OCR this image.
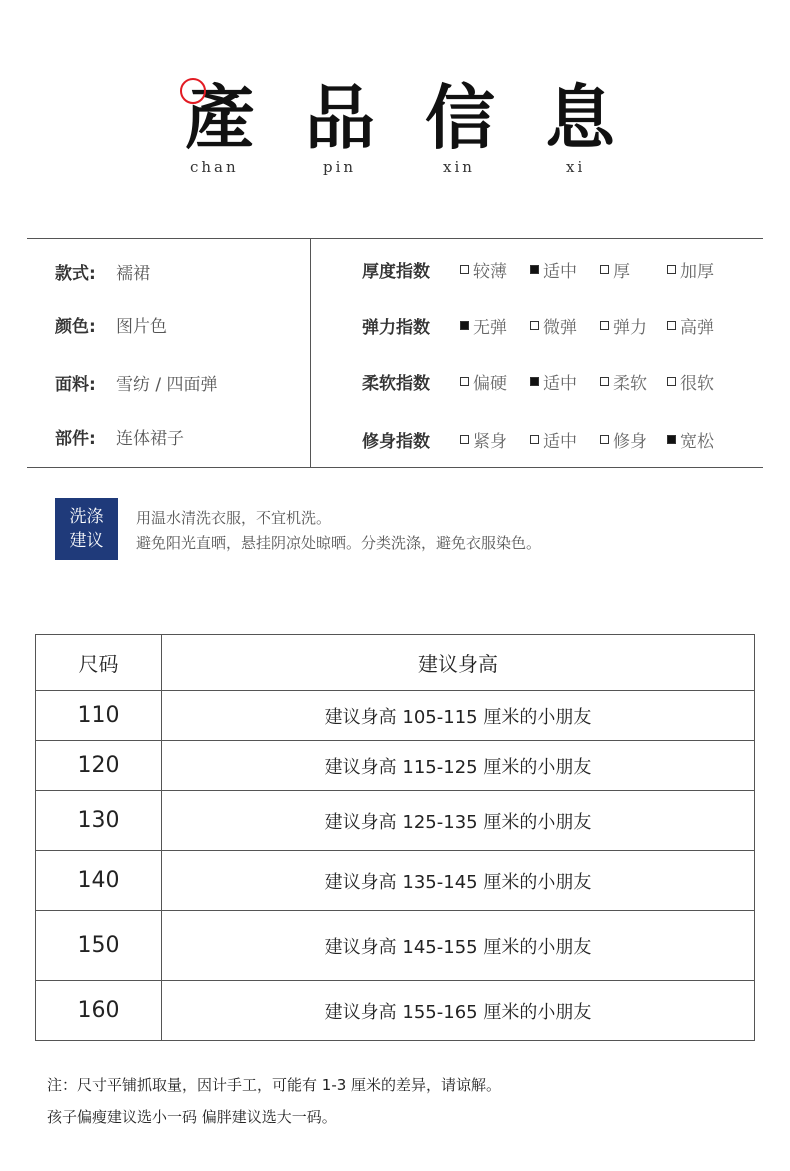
產 品 信 息
chan	pin	xin	xi
款式: 襦裙
颜色: 图片色
面料: 雪纺 / 四面弹
部件: 连体裙子
厚度指数	较薄 适中 厚	加厚
弹力指数	无弹 微弹 弹力 高弹
柔软指数	偏硬 适中 柔软 很软
修身指数	紧身 适中 修身 宽松
洗涤
建议
用温水清洗衣服，不宜机洗。
避免阳光直晒，悬挂阴凉处晾晒。分类洗涤，避免衣服染色。
尺码	建议身高
110	建议身高 105-115 厘米的小朋友
120	建议身高 115-125 厘米的小朋友
130	建议身高 125-135 厘米的小朋友
140	建议身高 135-145 厘米的小朋友
150	建议身高 145-155 厘米的小朋友
160	建议身高 155-165 厘米的小朋友
注：尺寸平铺抓取量，因计手工，可能有 1-3 厘米的差异，请谅解。
孩子偏瘦建议选小一码 偏胖建议选大一码。
